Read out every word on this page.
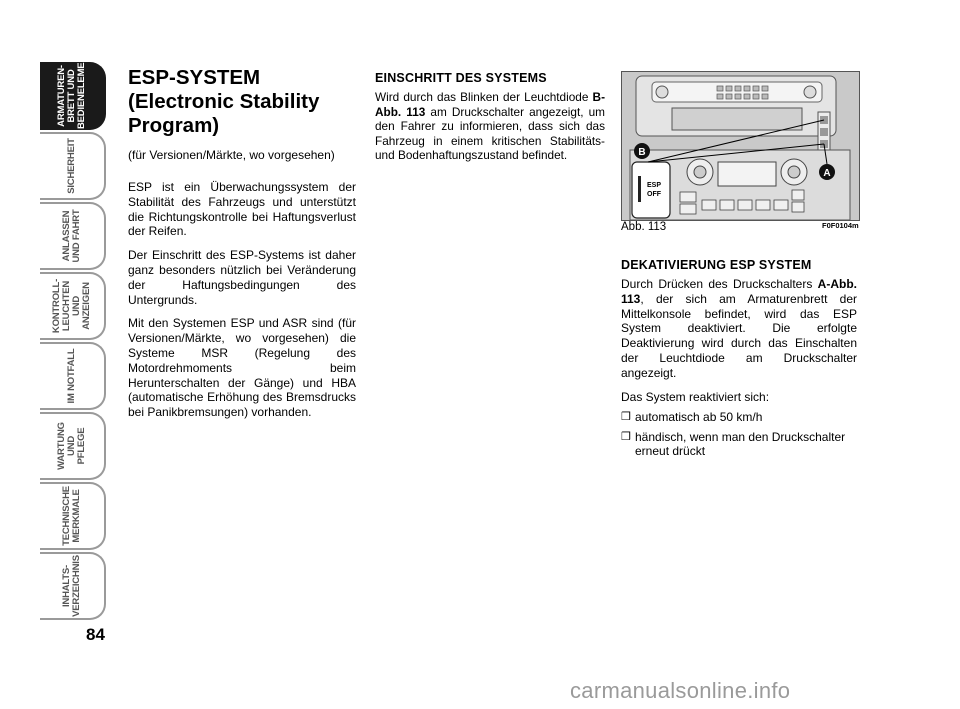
ARMATUREN-
BRETT UND
BEDIENELEMENTE
SICHERHEIT
ANLASSEN
UND FAHRT
KONTROLL-
LEUCHTEN UND
ANZEIGEN
IM NOTFALL
WARTUNG UND
PFLEGE
TECHNISCHE
MERKMALE
INHALTS-
VERZEICHNIS
84
ESP-SYSTEM
(Electronic Stability
Program)

(für Versionen/Märkte, wo vorgesehen)

ESP ist ein Überwachungssystem der Stabilität des Fahrzeugs und unterstützt die Richtungskontrolle bei Haftungsverlust der Reifen.

Der Einschritt des ESP-Systems ist daher ganz besonders nützlich bei Veränderung der Haftungsbedingungen des Untergrunds.

Mit den Systemen ESP und ASR sind (für Versionen/Märkte, wo vorgesehen) die Systeme MSR (Regelung des Motordrehmoments beim Herunterschalten der Gänge) und HBA (automatische Erhöhung des Bremsdrucks bei Panikbremsungen) vorhanden.

EINSCHRITT DES SYSTEMS

Wird durch das Blinken der Leuchtdiode B-Abb. 113 am Druckschalter angezeigt, um den Fahrer zu informieren, dass sich das Fahrzeug in einem kritischen Stabilitäts- und Bodenhaftungszustand befindet.

ESP
OFF
B
A
Abb. 113	F0F0104m
DEKATIVIERUNG ESP SYSTEM

Durch Drücken des Druckschalters A-Abb. 113, der sich am Armaturenbrett der Mittelkonsole befindet, wird das ESP System deaktiviert. Die erfolgte Deaktivierung wird durch das Einschalten der Leuchtdiode am Druckschalter angezeigt.

Das System reaktiviert sich:

❒ automatisch ab 50 km/h
❒ händisch, wenn man den Druckschalter erneut drückt
carmanualsonline.info
